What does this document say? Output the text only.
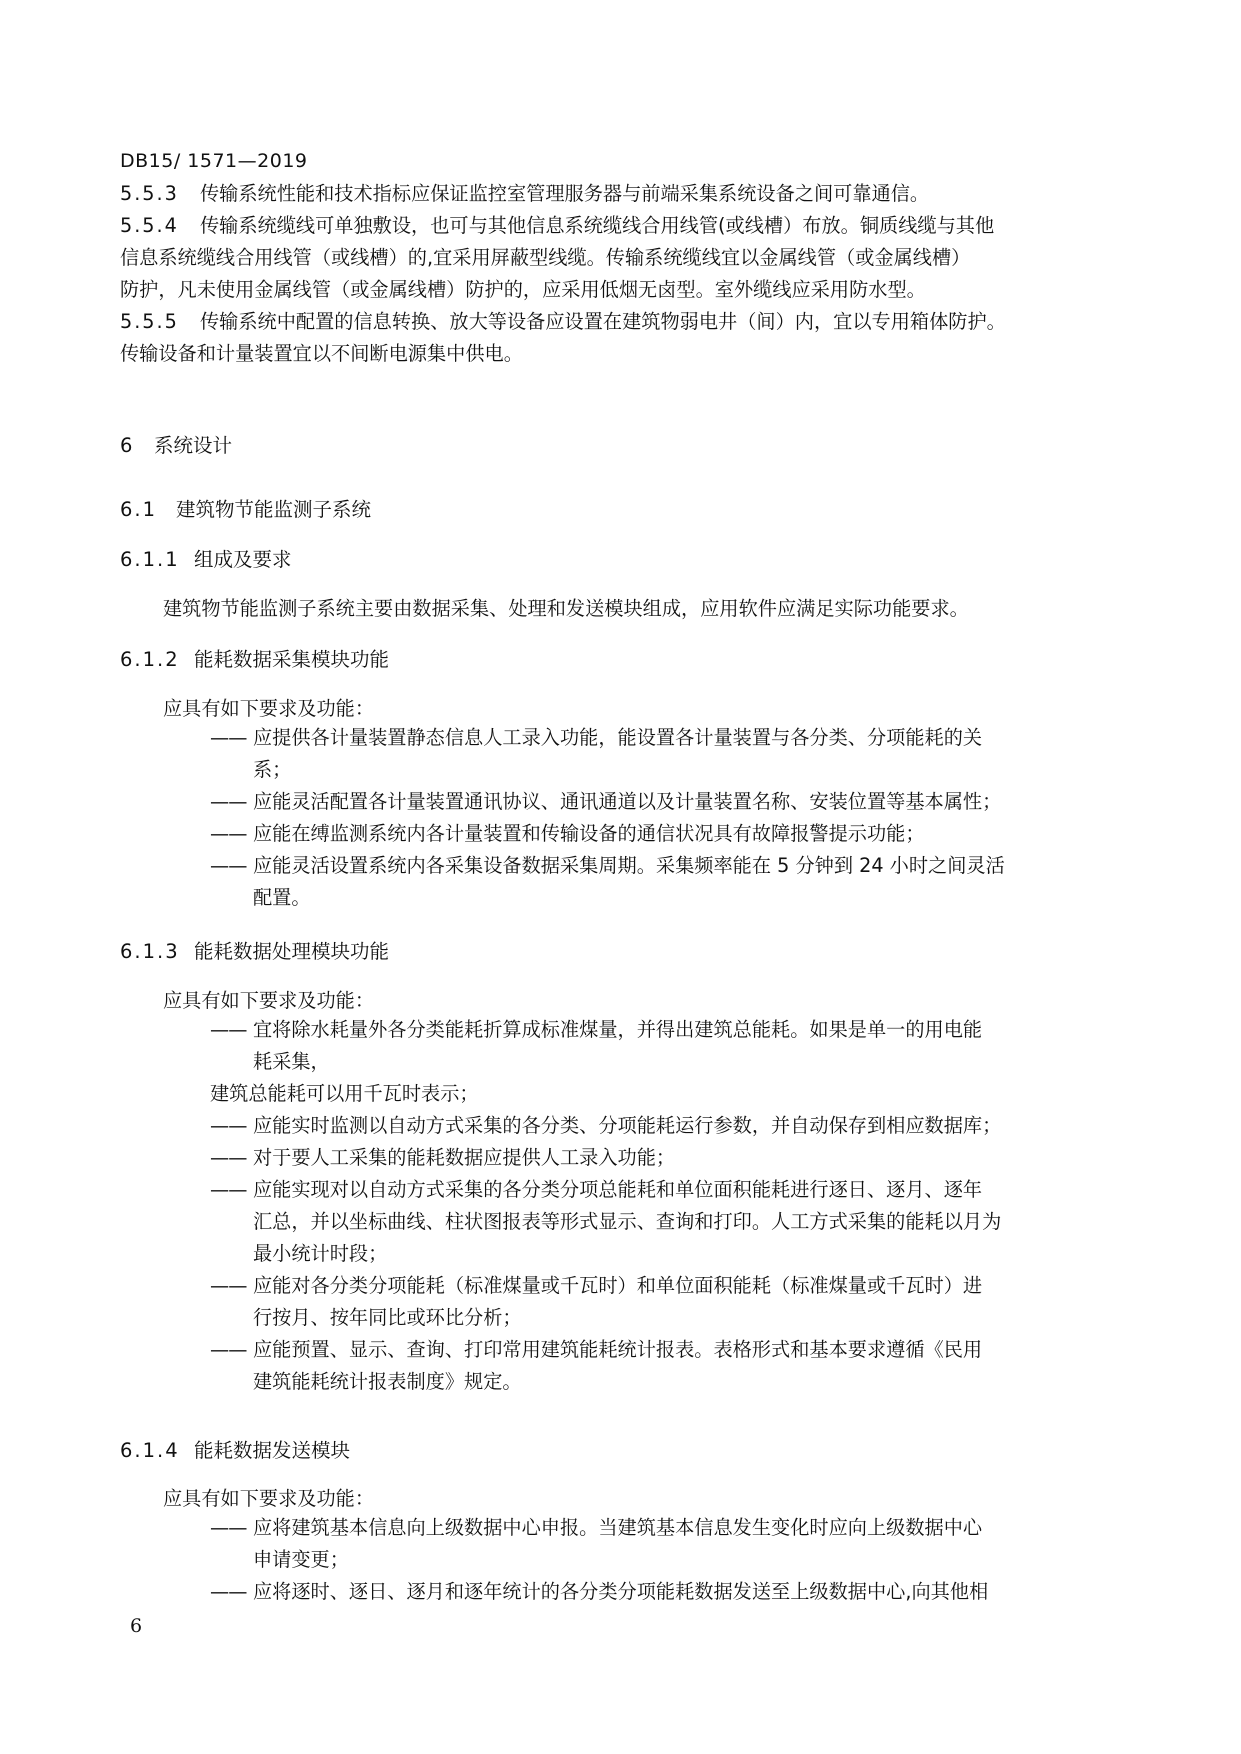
DB15/ 1571—2019
5.5.3 传输系统性能和技术指标应保证监控室管理服务器与前端采集系统设备之间可靠通信。
5.5.4 传输系统缆线可单独敷设，也可与其他信息系统缆线合用线管(或线槽）布放。铜质线缆与其他
信息系统缆线合用线管（或线槽）的,宜采用屏蔽型线缆。传输系统缆线宜以金属线管（或金属线槽）
防护，凡未使用金属线管（或金属线槽）防护的，应采用低烟无卤型。室外缆线应采用防水型。
5.5.5 传输系统中配置的信息转换、放大等设备应设置在建筑物弱电井（间）内，宜以专用箱体防护。
传输设备和计量装置宜以不间断电源集中供电。
6 系统设计
6.1 建筑物节能监测子系统
6.1.1 组成及要求
建筑物节能监测子系统主要由数据采集、处理和发送模块组成，应用软件应满足实际功能要求。
6.1.2 能耗数据采集模块功能
应具有如下要求及功能：
—— 应提供各计量装置静态信息人工录入功能，能设置各计量装置与各分类、分项能耗的关
系；
—— 应能灵活配置各计量装置通讯协议、通讯通道以及计量装置名称、安装位置等基本属性；
—— 应能在缚监测系统内各计量装置和传输设备的通信状况具有故障报警提示功能；
—— 应能灵活设置系统内各采集设备数据采集周期。采集频率能在 5 分钟到 24 小时之间灵活
配置。
6.1.3 能耗数据处理模块功能
应具有如下要求及功能：
—— 宜将除水耗量外各分类能耗折算成标准煤量，并得出建筑总能耗。如果是单一的用电能
耗采集，
建筑总能耗可以用千瓦时表示；
—— 应能实时监测以自动方式采集的各分类、分项能耗运行参数，并自动保存到相应数据库；
—— 对于要人工采集的能耗数据应提供人工录入功能；
—— 应能实现对以自动方式采集的各分类分项总能耗和单位面积能耗进行逐日、逐月、逐年
汇总，并以坐标曲线、柱状图报表等形式显示、查询和打印。人工方式采集的能耗以月为
最小统计时段；
—— 应能对各分类分项能耗（标准煤量或千瓦时）和单位面积能耗（标准煤量或千瓦时）进
行按月、按年同比或环比分析；
—— 应能预置、显示、查询、打印常用建筑能耗统计报表。表格形式和基本要求遵循《民用
建筑能耗统计报表制度》规定。
6.1.4 能耗数据发送模块
应具有如下要求及功能：
—— 应将建筑基本信息向上级数据中心申报。当建筑基本信息发生变化时应向上级数据中心
申请变更；
—— 应将逐时、逐日、逐月和逐年统计的各分类分项能耗数据发送至上级数据中心,向其他相
6
